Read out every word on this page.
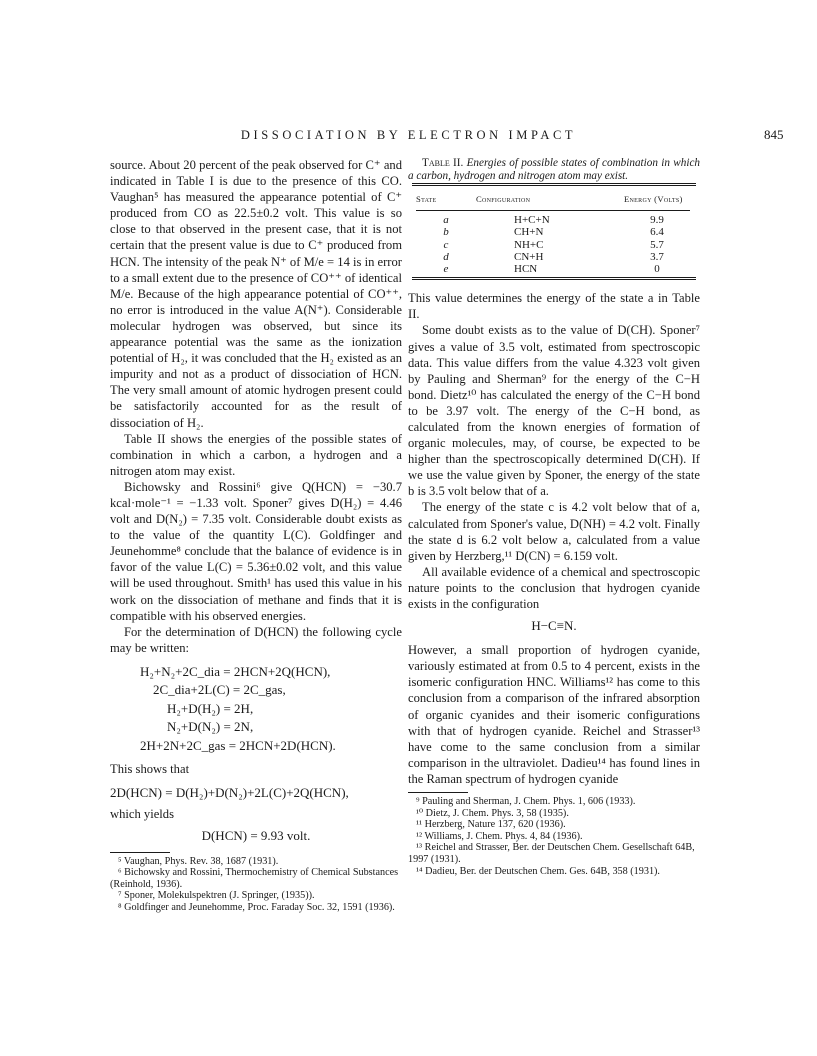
DISSOCIATION BY ELECTRON IMPACT	845

source. About 20 percent of the peak observed for C⁺ and indicated in Table I is due to the presence of this CO. Vaughan⁵ has measured the appearance potential of C⁺ produced from CO as 22.5±0.2 volt. This value is so close to that observed in the present case, that it is not certain that the present value is due to C⁺ produced from HCN. The intensity of the peak N⁺ of M/e = 14 is in error to a small extent due to the presence of CO⁺⁺ of identical M/e. Because of the high appearance potential of CO⁺⁺, no error is introduced in the value A(N⁺). Considerable molecular hydrogen was observed, but since its appearance potential was the same as the ionization potential of H₂, it was concluded that the H₂ existed as an impurity and not as a product of dissociation of HCN. The very small amount of atomic hydrogen present could be satisfactorily accounted for as the result of dissociation of H₂.

Table II shows the energies of the possible states of combination in which a carbon, a hydrogen and a nitrogen atom may exist.

Bichowsky and Rossini⁶ give Q(HCN) = −30.7 kcal·mole⁻¹ = −1.33 volt. Sponer⁷ gives D(H₂) = 4.46 volt and D(N₂) = 7.35 volt. Considerable doubt exists as to the value of the quantity L(C). Goldfinger and Jeunehomme⁸ conclude that the balance of evidence is in favor of the value L(C) = 5.36±0.02 volt, and this value will be used throughout. Smith¹ has used this value in his work on the dissociation of methane and finds that it is compatible with his observed energies.

For the determination of D(HCN) the following cycle may be written:

H₂+N₂+2C_dia = 2HCN+2Q(HCN),
2C_dia+2L(C) = 2C_gas,
H₂+D(H₂) = 2H,
N₂+D(N₂) = 2N,
2H+2N+2C_gas = 2HCN+2D(HCN).

This shows that

2D(HCN) = D(H₂)+D(N₂)+2L(C)+2Q(HCN),

which yields

D(HCN) = 9.93 volt.
⁵ Vaughan, Phys. Rev. 38, 1687 (1931).
⁶ Bichowsky and Rossini, Thermochemistry of Chemical Substances (Reinhold, 1936).
⁷ Sponer, Molekulspektren (J. Springer, (1935)).
⁸ Goldfinger and Jeunehomme, Proc. Faraday Soc. 32, 1591 (1936).

Table II. Energies of possible states of combination in which a carbon, hydrogen and nitrogen atom may exist.

State	Configuration	Energy (Volts)

a	H+C+N	9.9
b	CH+N	6.4
c	NH+C	5.7
d	CN+H	3.7
e	HCN	0

This value determines the energy of the state a in Table II.

Some doubt exists as to the value of D(CH). Sponer⁷ gives a value of 3.5 volt, estimated from spectroscopic data. This value differs from the value 4.323 volt given by Pauling and Sherman⁹ for the energy of the C−H bond. Dietz¹⁰ has calculated the energy of the C−H bond to be 3.97 volt. The energy of the C−H bond, as calculated from the known energies of formation of organic molecules, may, of course, be expected to be higher than the spectroscopically determined D(CH). If we use the value given by Sponer, the energy of the state b is 3.5 volt below that of a.

The energy of the state c is 4.2 volt below that of a, calculated from Sponer's value, D(NH) = 4.2 volt. Finally the state d is 6.2 volt below a, calculated from a value given by Herzberg,¹¹ D(CN) = 6.159 volt.

All available evidence of a chemical and spectroscopic nature points to the conclusion that hydrogen cyanide exists in the configuration

H−C≡N.

However, a small proportion of hydrogen cyanide, variously estimated at from 0.5 to 4 percent, exists in the isomeric configuration HNC. Williams¹² has come to this conclusion from a comparison of the infrared absorption of organic cyanides and their isomeric configurations with that of hydrogen cyanide. Reichel and Strasser¹³ have come to the same conclusion from a similar comparison in the ultraviolet. Dadieu¹⁴ has found lines in the Raman spectrum of hydrogen cyanide

⁹ Pauling and Sherman, J. Chem. Phys. 1, 606 (1933).
¹⁰ Dietz, J. Chem. Phys. 3, 58 (1935).
¹¹ Herzberg, Nature 137, 620 (1936).
¹² Williams, J. Chem. Phys. 4, 84 (1936).
¹³ Reichel and Strasser, Ber. der Deutschen Chem. Gesellschaft 64B, 1997 (1931).
¹⁴ Dadieu, Ber. der Deutschen Chem. Ges. 64B, 358 (1931).
